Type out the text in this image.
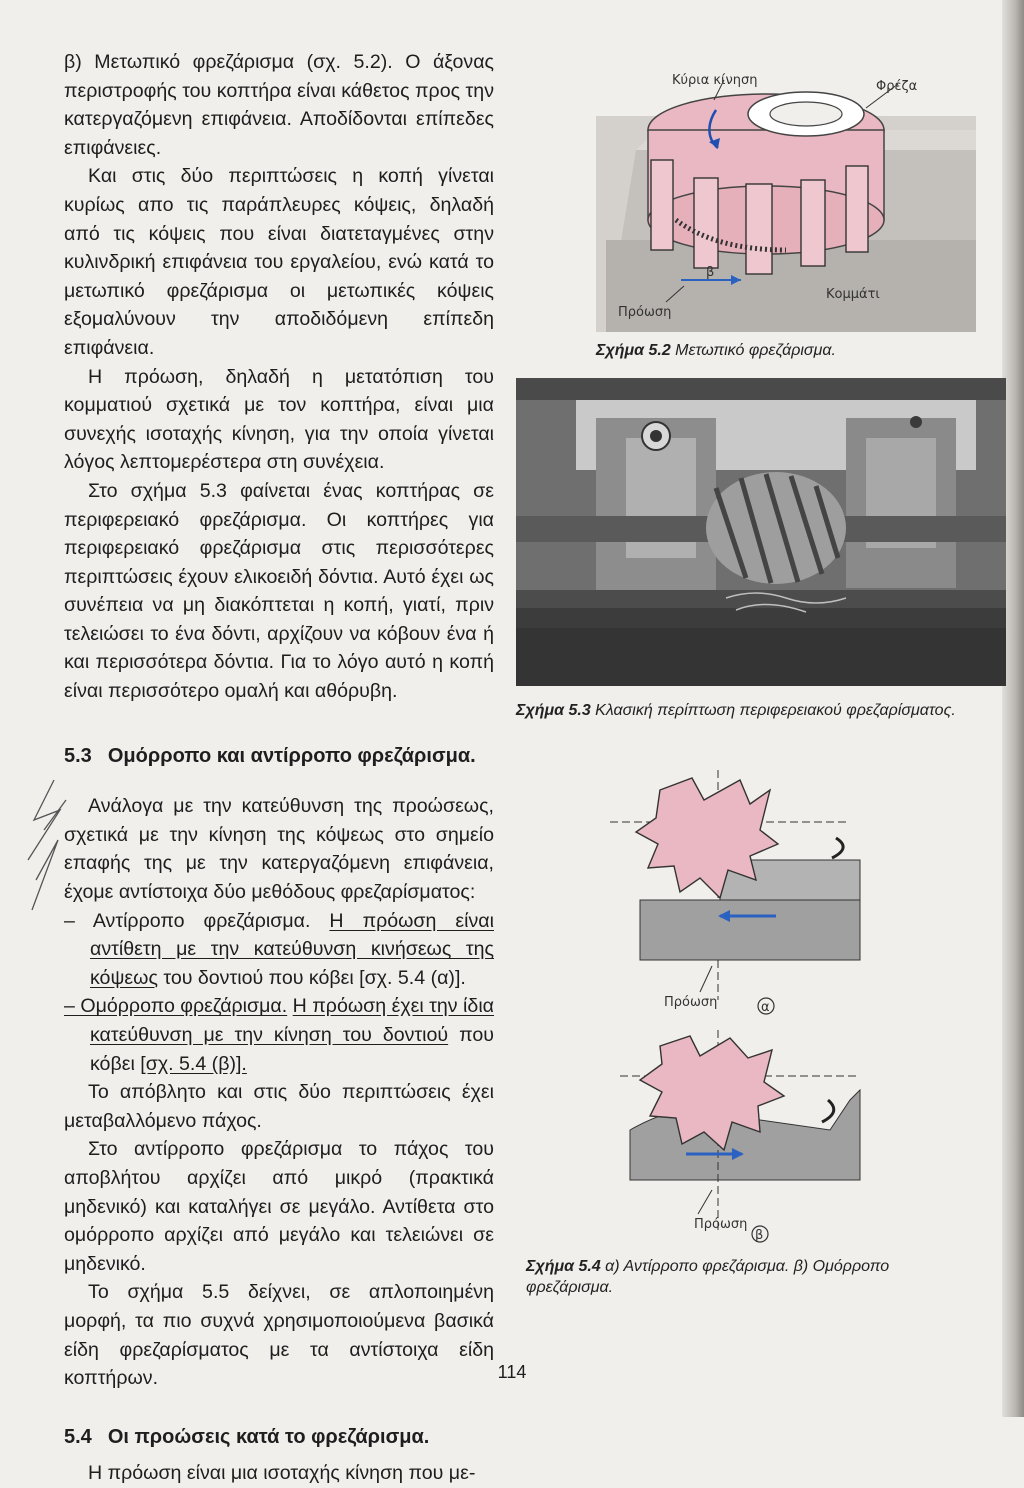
β) Μετωπικό φρεζάρισμα (σχ. 5.2). Ο άξονας περιστροφής του κοπτήρα είναι κάθετος προς την κατεργαζόμενη επιφάνεια. Αποδίδονται επίπεδες επιφάνειες.

Και στις δύο περιπτώσεις η κοπή γίνεται κυρίως απο τις παράπλευρες κόψεις, δηλαδή από τις κόψεις που είναι διατεταγμένες στην κυλινδρική επιφάνεια του εργαλείου, ενώ κατά το μετωπικό φρεζάρισμα οι μετωπικές κόψεις εξομαλύνουν την αποδιδόμενη επίπεδη επιφάνεια.

Η πρόωση, δηλαδή η μετατόπιση του κομματιού σχετικά με τον κοπτήρα, είναι μια συνεχής ισοταχής κίνηση, για την οποία γίνεται λόγος λεπτομερέστερα στη συνέχεια.

Στο σχήμα 5.3 φαίνεται ένας κοπτήρας σε περιφερειακό φρεζάρισμα. Οι κοπτήρες για περιφερειακό φρεζάρισμα στις περισσότερες περιπτώσεις έχουν ελικοειδή δόντια. Αυτό έχει ως συνέπεια να μη διακόπτεται η κοπή, γιατί, πριν τελειώσει το ένα δόντι, αρχίζουν να κόβουν ένα ή και περισσότερα δόντια. Για το λόγο αυτό η κοπή είναι περισσότερο ομαλή και αθόρυβη.

5.3 Ομόρροπο και αντίρροπο φρεζάρισμα.

Ανάλογα με την κατεύθυνση της προώσεως, σχετικά με την κίνηση της κόψεως στο σημείο επαφής της με την κατεργαζόμενη επιφάνεια, έχομε αντίστοιχα δύο μεθόδους φρεζαρίσματος:

– Αντίρροπο φρεζάρισμα. Η πρόωση είναι αντίθετη με την κατεύθυνση κινήσεως της κόψεως του δοντιού που κόβει [σχ. 5.4 (α)].

– Ομόρροπο φρεζάρισμα. Η πρόωση έχει την ίδια κατεύθυνση με την κίνηση του δοντιού που κόβει [σχ. 5.4 (β)].

Το απόβλητο και στις δύο περιπτώσεις έχει μεταβαλλόμενο πάχος.

Στο αντίρροπο φρεζάρισμα το πάχος του αποβλήτου αρχίζει από μικρό (πρακτικά μηδενικό) και καταλήγει σε μεγάλο. Αντίθετα στο ομόρροπο αρχίζει από μεγάλο και τελειώνει σε μηδενικό.

Το σχήμα 5.5 δείχνει, σε απλοποιημένη μορφή, τα πιο συχνά χρησιμοποιούμενα βασικά είδη φρεζαρίσματος με τα αντίστοιχα είδη κοπτήρων.

5.4 Οι προώσεις κατά το φρεζάρισμα.

Η πρόωση είναι μια ισοταχής κίνηση που με-

Κύρια κίνηση	Φρέζα
β
Πρόωση
Κομμάτι
Σχήμα 5.2 Μετωπικό φρεζάρισμα.
Σχήμα 5.3 Κλασική περίπτωση περιφερειακού φρεζαρίσματος.
Πρόωση	α
Πρόωση
β
Σχήμα 5.4 α) Αντίρροπο φρεζάρισμα. β) Ομόρροπο φρεζάρισμα.
114
